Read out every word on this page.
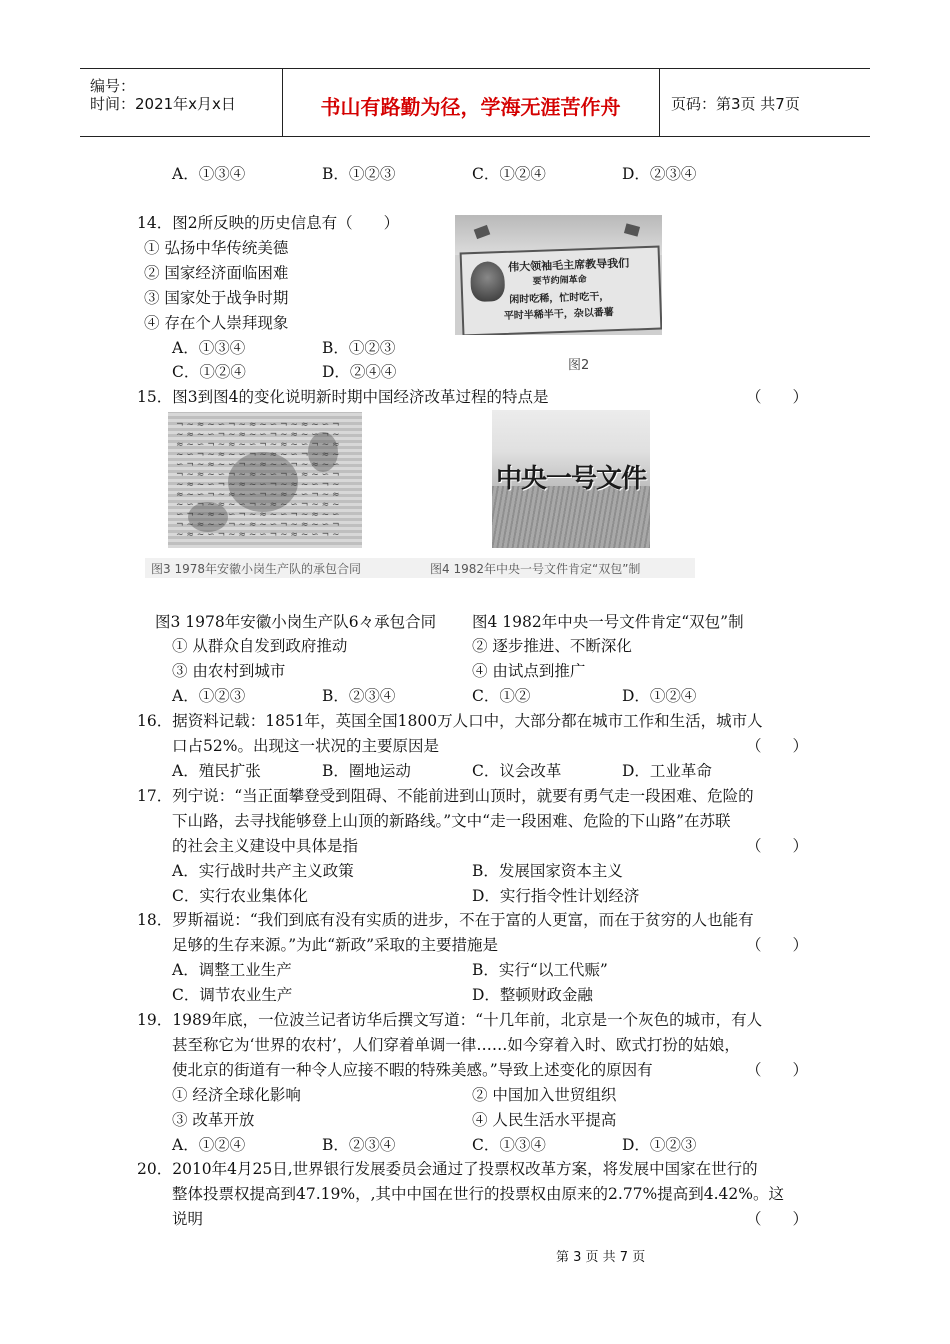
编号：
时间：2021年x月x日	书山有路勤为径，学海无涯苦作舟	页码：第3页 共7页
A．①③④	B．①②③	C．①②④	D．②③④
14．图2所反映的历史信息有（　　）
① 弘扬中华传统美德
② 国家经济面临困难
③ 国家处于战争时期
④ 存在个人崇拜现象
A．①③④	B．①②③
C．①②④	D．②④④
伟大领袖毛主席教导我们
要节约闹革命
闲时吃稀，忙时吃干，
平时半稀半干，杂以番薯
图2
15．图3到图4的变化说明新时期中国经济改革过程的特点是	（　　）
¬ ∼ ≈ ~ ∽ ¬ ∼ ≈ ~ ∽ ¬ ∼ ≈ ~ ∽ ¬
∼ ≈ ~ ∽ ¬ ∼ ≈ ~ ∽ ¬ ∼ ≈ ~ ∽ ¬ ∼
≈ ~ ∽ ¬ ∼ ≈ ~ ∽ ¬ ∼ ≈ ~ ∽ ¬ ∼ ≈
~ ∽ ¬ ∼ ≈ ~ ∽ ¬ ∼ ≈ ~ ∽ ¬ ∼ ≈ ~
∽ ¬ ∼ ≈ ~ ∽ ¬ ∼ ≈ ~ ∽ ¬ ∼ ≈ ~ ∽
¬ ∼ ≈ ~ ∽ ¬ ∼ ≈ ~ ∽ ¬ ∼ ≈ ~ ∽ ¬
∼ ≈ ~ ∽ ¬ ∼ ≈ ~ ∽ ¬ ∼ ≈ ~ ∽ ¬ ∼
≈ ~ ∽ ¬ ∼ ≈ ~ ∽ ¬ ∼ ≈ ~ ∽ ¬ ∼ ≈
~ ∽ ¬ ∼ ≈ ~ ∽ ¬ ∼ ≈ ~ ∽ ¬ ∼ ≈ ~
∽ ¬ ∼ ≈ ~ ∽ ¬ ∼ ≈ ~ ∽ ¬ ∼ ≈ ~ ∽
¬ ∼ ≈ ~ ∽ ¬ ∼ ≈ ~ ∽ ¬ ∼ ≈ ~ ∽ ¬
∼ ≈ ~ ∽ ¬ ∼ ≈ ~ ∽ ¬ ∼ ≈ ~ ∽ ¬ ∼
中央一号文件
图3 1978年安徽小岗生产队的承包合同	图4 1982年中央一号文件肯定“双包”制
图3 1978年安徽小岗生产队6々承包合同 图4 1982年中央一号文件肯定“双包”制
① 从群众自发到政府推动	② 逐步推进、不断深化
③ 由农村到城市	④ 由试点到推广
A．①②③	B．②③④	C．①②	D．①②④
16．据资料记载：1851年，英国全国1800万人口中，大部分都在城市工作和生活，城市人
口占52%。出现这一状况的主要原因是	（　　）
A．殖民扩张	B．圈地运动	C．议会改革	D．工业革命
17．列宁说：“当正面攀登受到阻碍、不能前进到山顶时，就要有勇气走一段困难、危险的
下山路，去寻找能够登上山顶的新路线。”文中“走一段困难、危险的下山路”在苏联
的社会主义建设中具体是指	（　　）
A．实行战时共产主义政策	B．发展国家资本主义
C．实行农业集体化	D．实行指令性计划经济
18．罗斯福说：“我们到底有没有实质的进步，不在于富的人更富，而在于贫穷的人也能有
足够的生存来源。”为此“新政”采取的主要措施是	（　　）
A．调整工业生产	B．实行“以工代赈”
C．调节农业生产	D．整顿财政金融
19．1989年底，一位波兰记者访华后撰文写道：“十几年前，北京是一个灰色的城市，有人
甚至称它为‘世界的农村’，人们穿着单调一律……如今穿着入时、欧式打扮的姑娘，
使北京的街道有一种令人应接不暇的特殊美感。”导致上述变化的原因有	（　　）
① 经济全球化影响	② 中国加入世贸组织
③ 改革开放	④ 人民生活水平提高
A．①②④	B．②③④	C．①③④	D．①②③
20．2010年4月25日,世界银行发展委员会通过了投票权改革方案，将发展中国家在世行的
整体投票权提高到47.19%，,其中中国在世行的投票权由原来的2.77%提高到4.42%。这
说明	（　　）
第 3 页 共 7 页
